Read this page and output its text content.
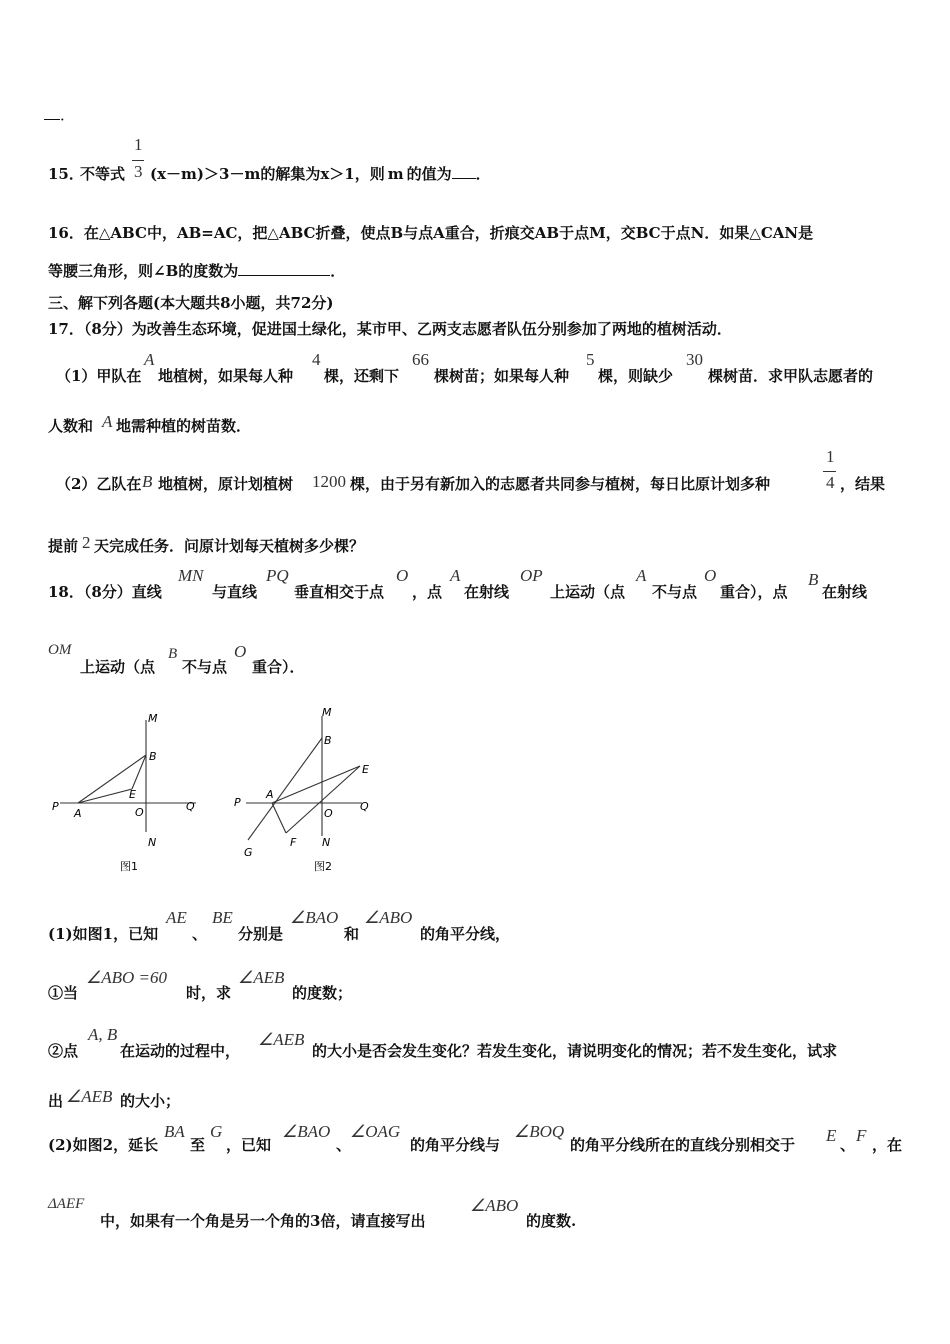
．
15．
不等式
1
3 (x－m)＞3－m的解集为x＞1，则 m 的值为 ．
16．在△ABC中，AB=AC，把△ABC折叠，使点B与点A重合，折痕交AB于点M，交BC于点N．如果△CAN是
等腰三角形，则∠B的度数为	．
三、解下列各题(本大题共8小题，共72分)
17．（8分）为改善生态环境，促进国土绿化，某市甲、乙两支志愿者队伍分别参加了两地的植树活动．
（1）甲队在
A
地植树，如果每人种
4
棵，还剩下
66
棵树苗；如果每人种
5
棵，则缺少
30
棵树苗．求甲队志愿者的
人数和 A 地需种植的树苗数．
（2）乙队在 B 地植树，原计划植树 1200 棵，由于另有新加入的志愿者共同参与植树，每日比原计划多种
1
4 ，结果
提前 2 天完成任务．问原计划每天植树多少棵？
18．（8分）直线
MN
与直线
PQ
垂直相交于点
O
，点
A
在射线
OP
上运动（点
A
不与点
O
重合），点
B
在射线
OM
上运动（点
B
不与点
O
重合）．
M
B
E
P
A	O	Q
N
图1
M
B
E
P
A
O
Q
G
F N
图2
(1)如图1，已知
AE
、
BE
分别是
∠BAO
和
∠ABO
的角平分线，
①当
∠ABO =60
时，求
∠AEB
的度数；
②点
A, B
在运动的过程中，
∠AEB
的大小是否会发生变化？若发生变化，请说明变化的情况；若不发生变化，试求
出 ∠AEB 的大小；
(2)如图2，延长
BA
至
G
，已知
∠BAO
、
∠OAG
的角平分线与
∠BOQ
的角平分线所在的直线分别相交于 E 、 F ，在
ΔAEF
中，如果有一个角是另一个角的3倍，请直接写出
∠ABO
的度数.
